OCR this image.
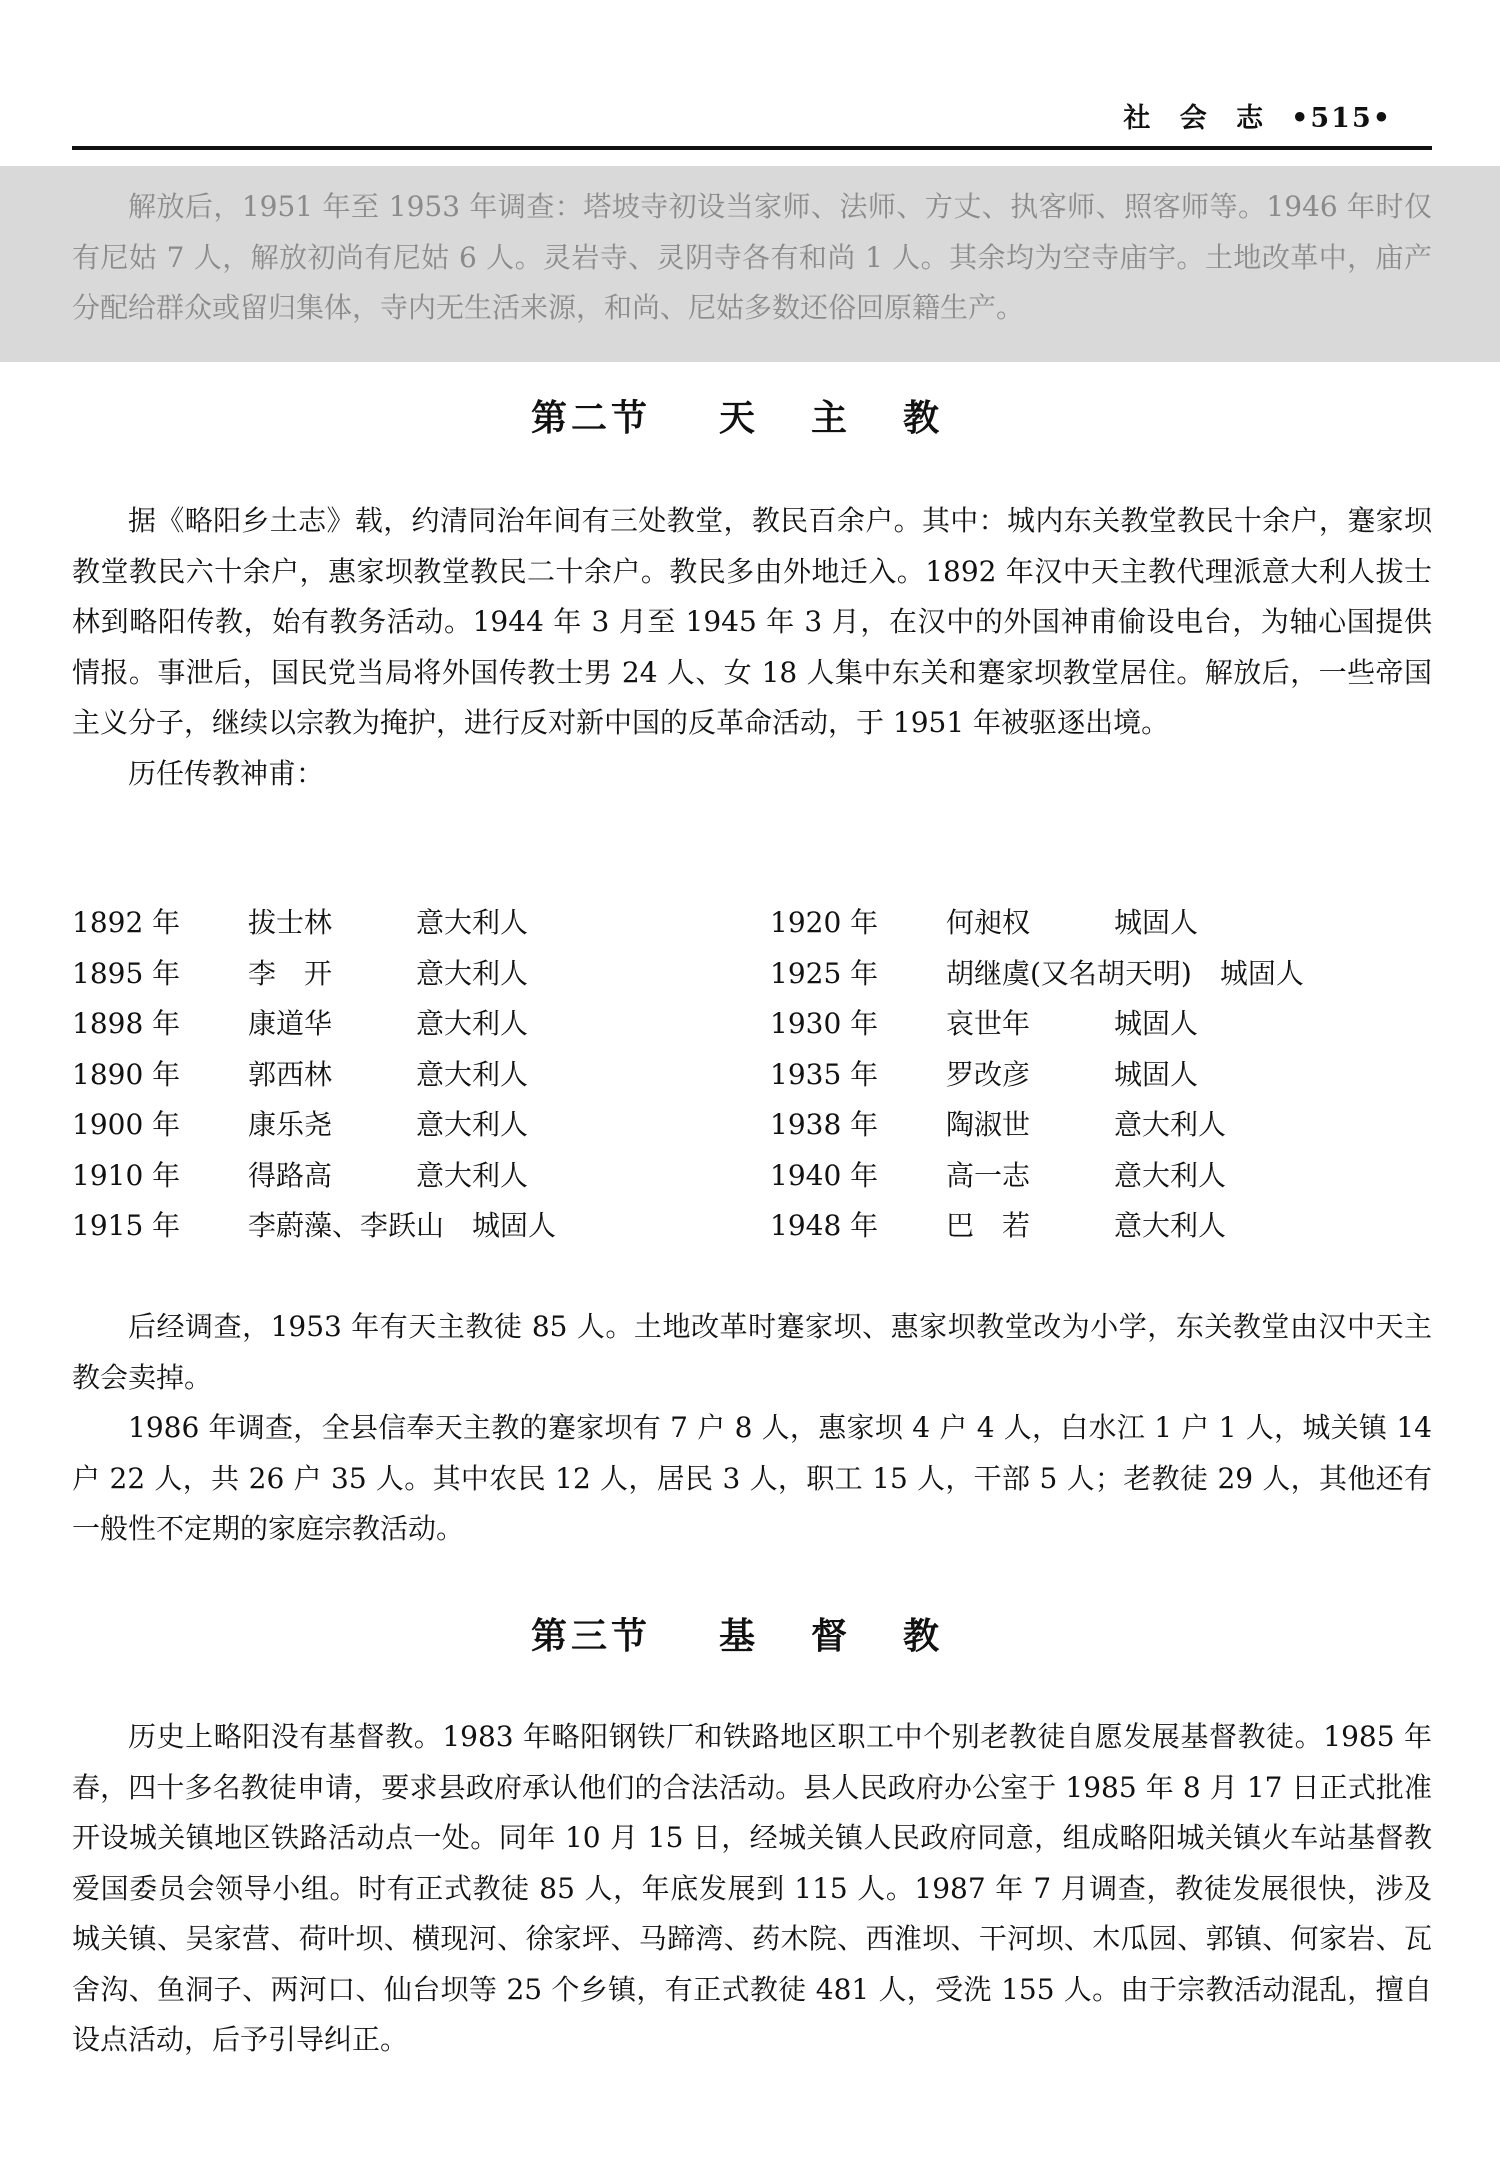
社 会 志 •515•

解放后，1951 年至 1953 年调查：塔坡寺初设当家师、法师、方丈、执客师、照客师等。1946 年时仅有尼姑 7 人，解放初尚有尼姑 6 人。灵岩寺、灵阴寺各有和尚 1 人。其余均为空寺庙宇。土地改革中，庙产分配给群众或留归集体，寺内无生活来源，和尚、尼姑多数还俗回原籍生产。

第二节 天 主 教

据《略阳乡土志》载，约清同治年间有三处教堂，教民百余户。其中：城内东关教堂教民十余户，蹇家坝教堂教民六十余户，惠家坝教堂教民二十余户。教民多由外地迁入。1892 年汉中天主教代理派意大利人拔士林到略阳传教，始有教务活动。1944 年 3 月至 1945 年 3 月，在汉中的外国神甫偷设电台，为轴心国提供情报。事泄后，国民党当局将外国传教士男 24 人、女 18 人集中东关和蹇家坝教堂居住。解放后，一些帝国主义分子，继续以宗教为掩护，进行反对新中国的反革命活动，于 1951 年被驱逐出境。

历任传教神甫：

1892 年 拔士林	意大利人
1895 年 李　开	意大利人
1898 年 康道华	意大利人
1890 年 郭西林	意大利人
1900 年 康乐尧	意大利人
1910 年 得路高	意大利人
1915 年 李蔚藻、李跃山 城固人
1920 年 何昶权	城固人
1925 年 胡继虞(又名胡天明) 城固人
1930 年 哀世年	城固人
1935 年 罗改彦	城固人
1938 年 陶淑世	意大利人
1940 年 高一志	意大利人
1948 年 巴　若	意大利人

后经调查，1953 年有天主教徒 85 人。土地改革时蹇家坝、惠家坝教堂改为小学，东关教堂由汉中天主教会卖掉。

1986 年调查，全县信奉天主教的蹇家坝有 7 户 8 人，惠家坝 4 户 4 人，白水江 1 户 1 人，城关镇 14 户 22 人，共 26 户 35 人。其中农民 12 人，居民 3 人，职工 15 人，干部 5 人；老教徒 29 人，其他还有一般性不定期的家庭宗教活动。

第三节 基 督 教

历史上略阳没有基督教。1983 年略阳钢铁厂和铁路地区职工中个别老教徒自愿发展基督教徒。1985 年春，四十多名教徒申请，要求县政府承认他们的合法活动。县人民政府办公室于 1985 年 8 月 17 日正式批准开设城关镇地区铁路活动点一处。同年 10 月 15 日，经城关镇人民政府同意，组成略阳城关镇火车站基督教爱国委员会领导小组。时有正式教徒 85 人，年底发展到 115 人。1987 年 7 月调查，教徒发展很快，涉及城关镇、吴家营、荷叶坝、横现河、徐家坪、马蹄湾、药木院、西淮坝、干河坝、木瓜园、郭镇、何家岩、瓦舍沟、鱼洞子、两河口、仙台坝等 25 个乡镇，有正式教徒 481 人，受洗 155 人。由于宗教活动混乱，擅自设点活动，后予引导纠正。
